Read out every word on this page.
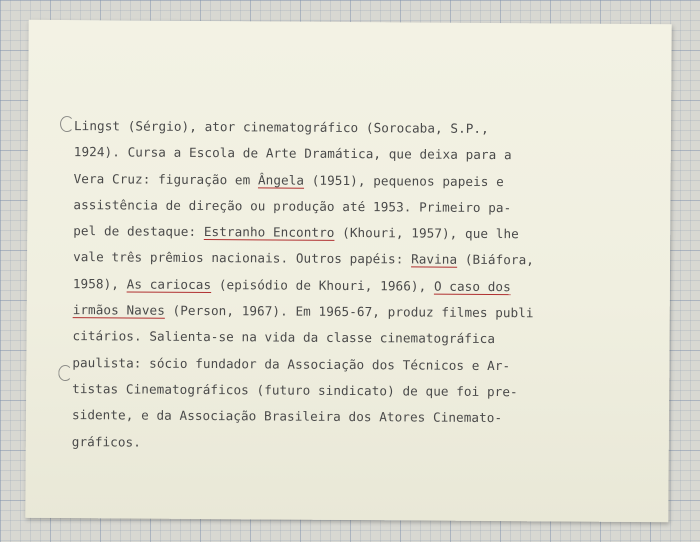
Lingst (Sérgio), ator cinematográfico (Sorocaba, S.P.,
1924). Cursa a Escola de Arte Dramática, que deixa para a
Vera Cruz: figuração em Ângela (1951), pequenos papeis e
assistência de direção ou produção até 1953. Primeiro pa-
pel de destaque: Estranho Encontro (Khouri, 1957), que lhe
vale três prêmios nacionais. Outros papéis: Ravina (Biáfora,
1958), As cariocas (episódio de Khouri, 1966), O caso dos
irmãos Naves (Person, 1967). Em 1965-67, produz filmes publi
citários. Salienta-se na vida da classe cinematográfica
paulista: sócio fundador da Associação dos Técnicos e Ar-
tistas Cinematográficos (futuro sindicato) de que foi pre-
sidente, e da Associação Brasileira dos Atores Cinemato-
gráficos.
